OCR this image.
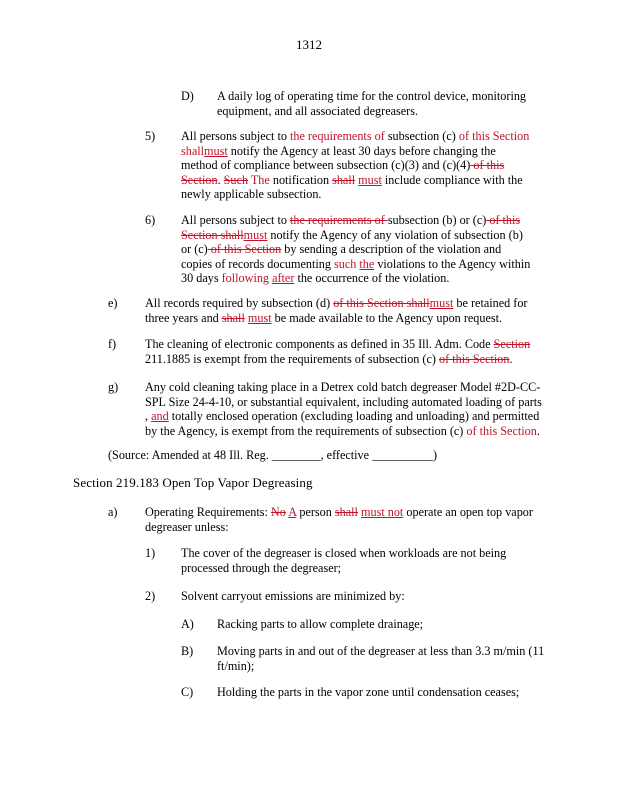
1312
Section 219.183 Open Top Vapor Degreasing
D) A daily log of operating time for the control device, monitoring equipment, and all associated degreasers.
5) All persons subject to the requirements of subsection (c) of this Section shallmust notify the Agency at least 30 days before changing the method of compliance between subsection (c)(3) and (c)(4) of this Section. Such The notification shall must include compliance with the newly applicable subsection.
6) All persons subject to the requirements of subsection (b) or (c) of this Section shallmust notify the Agency of any violation of subsection (b) or (c) of this Section by sending a description of the violation and copies of records documenting such the violations to the Agency within 30 days following after the occurrence of the violation.
e) All records required by subsection (d) of this Section shallmust be retained for three years and shall must be made available to the Agency upon request.
f) The cleaning of electronic components as defined in 35 Ill. Adm. Code Section 211.1885 is exempt from the requirements of subsection (c) of this Section.
g) Any cold cleaning taking place in a Detrex cold batch degreaser Model #2D-CC-SPL Size 24-4-10, or substantial equivalent, including automated loading of parts , and totally enclosed operation (excluding loading and unloading) and permitted by the Agency, is exempt from the requirements of subsection (c) of this Section.
(Source: Amended at 48 Ill. Reg. ________, effective __________)
a) Operating Requirements: No A person shall must not operate an open top vapor degreaser unless:
1) The cover of the degreaser is closed when workloads are not being processed through the degreaser;
2) Solvent carryout emissions are minimized by:
A) Racking parts to allow complete drainage;
B) Moving parts in and out of the degreaser at less than 3.3 m/min (11 ft/min);
C) Holding the parts in the vapor zone until condensation ceases;
